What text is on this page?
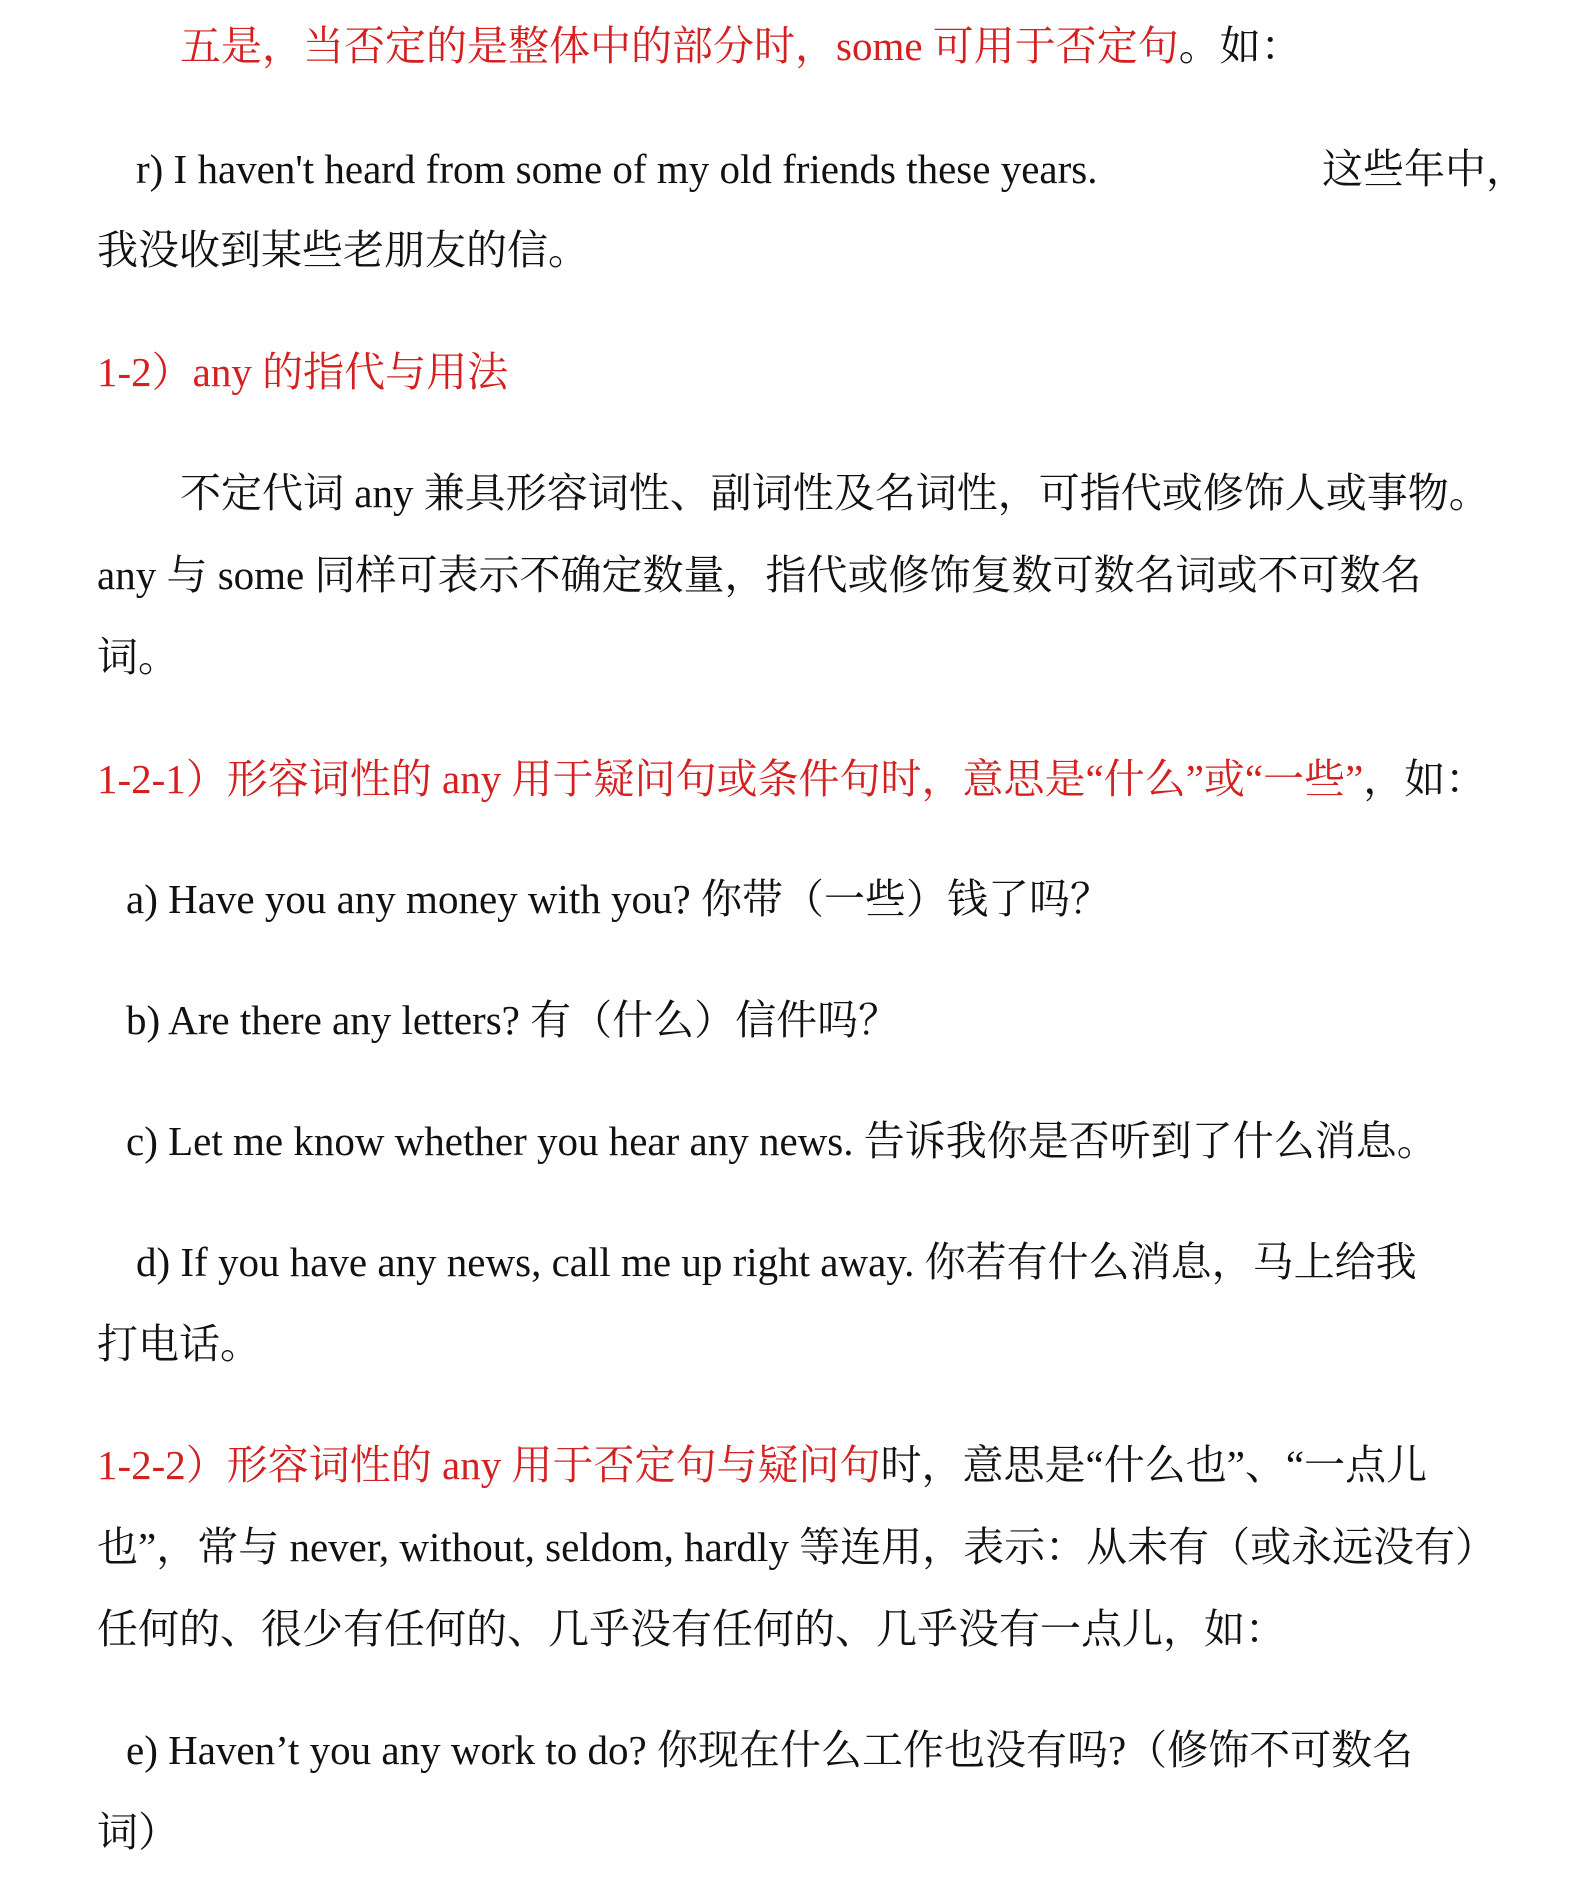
五是，当否定的是整体中的部分时，some 可用于否定句。如：
r) I haven't heard from some of my old friends these years.	这些年中，
我没收到某些老朋友的信。
1-2）any 的指代与用法
不定代词 any 兼具形容词性、副词性及名词性，可指代或修饰人或事物。
any 与 some 同样可表示不确定数量，指代或修饰复数可数名词或不可数名
词。
1-2-1）形容词性的 any 用于疑问句或条件句时，意思是“什么”或“一些”，如：
a) Have you any money with you? 你带（一些）钱了吗？
b) Are there any letters? 有（什么）信件吗？
c) Let me know whether you hear any news. 告诉我你是否听到了什么消息。
d) If you have any news, call me up right away. 你若有什么消息，马上给我
打电话。
1-2-2）形容词性的 any 用于否定句与疑问句时，意思是“什么也”、“一点儿
也”，常与 never, without, seldom, hardly 等连用，表示：从未有（或永远没有）
任何的、很少有任何的、几乎没有任何的、几乎没有一点儿，如：
e) Haven’t you any work to do? 你现在什么工作也没有吗?（修饰不可数名
词）
